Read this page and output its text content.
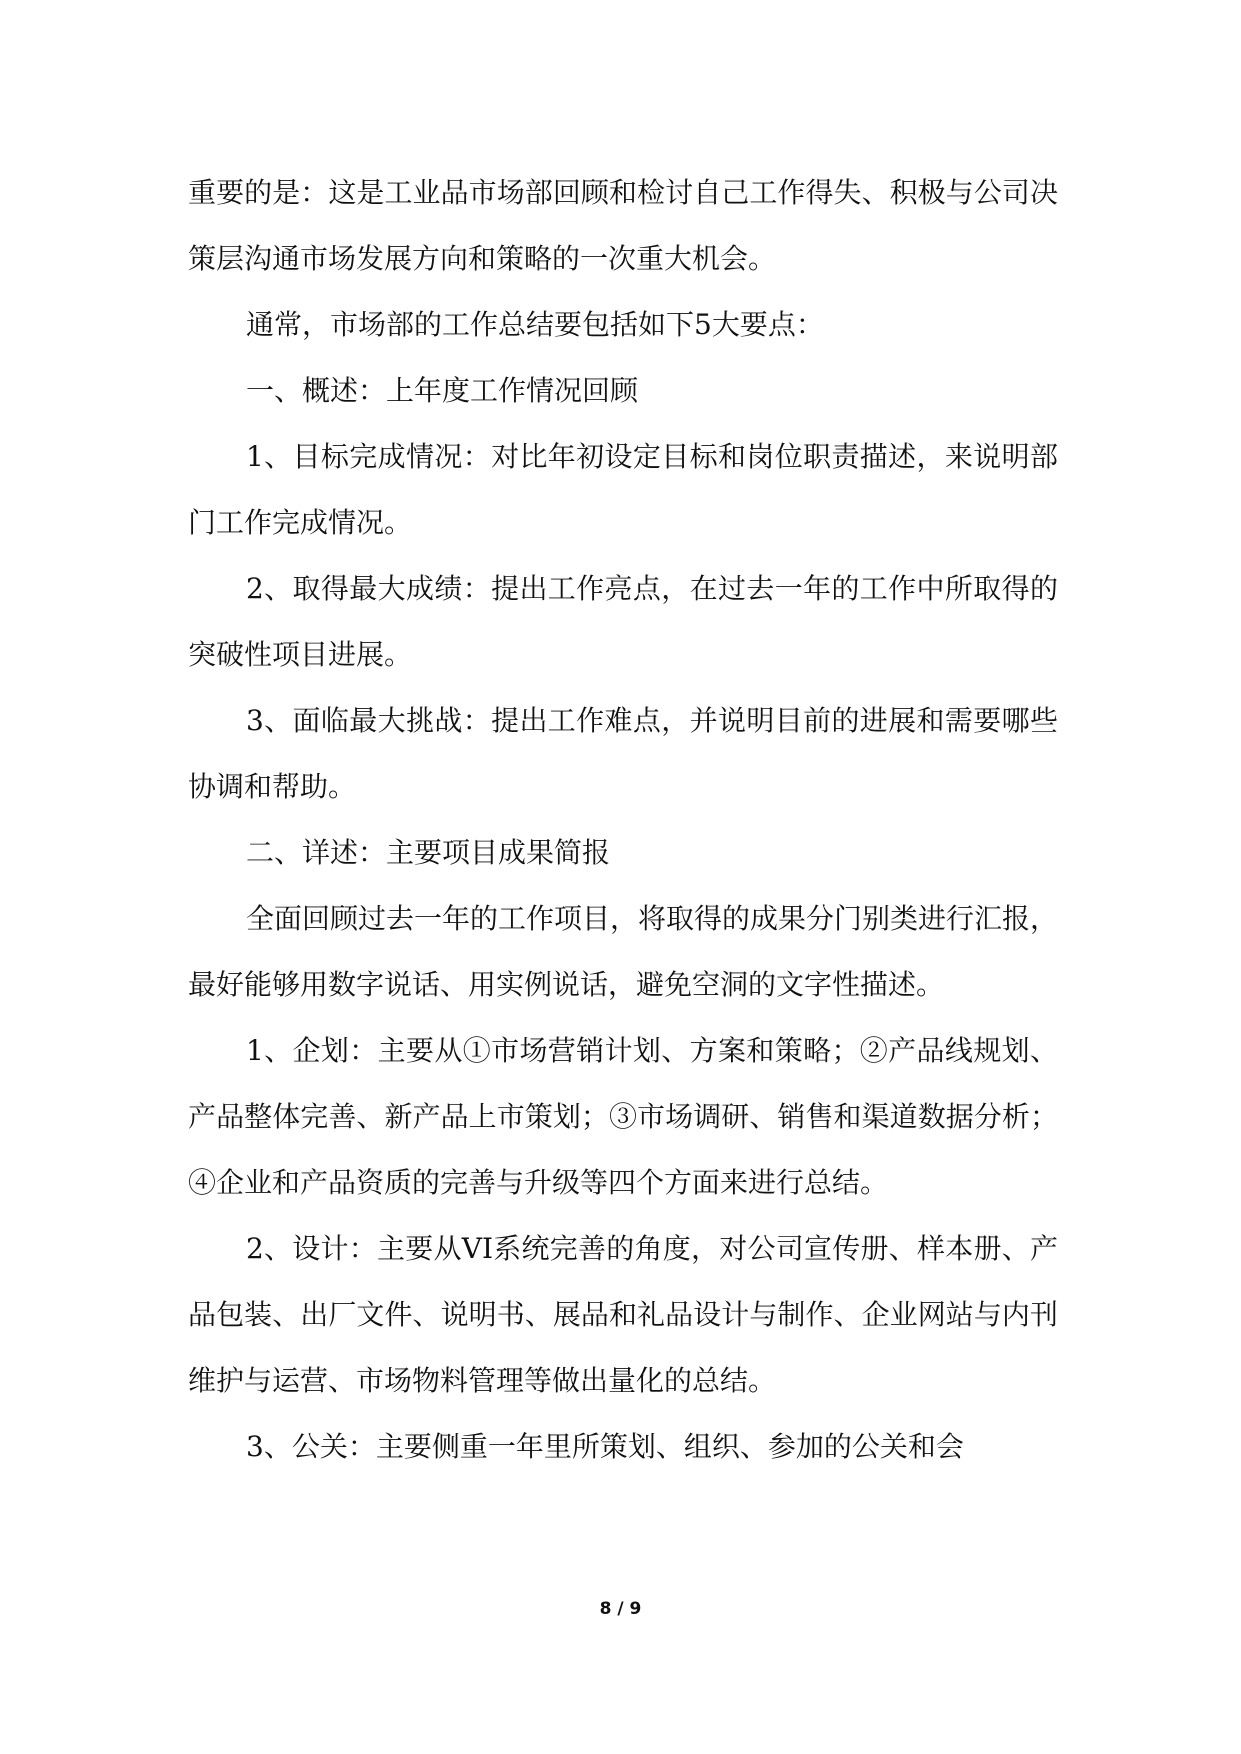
重要的是：这是工业品市场部回顾和检讨自己工作得失、积极与公司决策层沟通市场发展方向和策略的一次重大机会。

通常，市场部的工作总结要包括如下5大要点：

一、概述：上年度工作情况回顾

1、目标完成情况：对比年初设定目标和岗位职责描述，来说明部门工作完成情况。

2、取得最大成绩：提出工作亮点，在过去一年的工作中所取得的突破性项目进展。

3、面临最大挑战：提出工作难点，并说明目前的进展和需要哪些协调和帮助。

二、详述：主要项目成果简报

全面回顾过去一年的工作项目，将取得的成果分门别类进行汇报，最好能够用数字说话、用实例说话，避免空洞的文字性描述。

1、企划：主要从①市场营销计划、方案和策略；②产品线规划、产品整体完善、新产品上市策划；③市场调研、销售和渠道数据分析；④企业和产品资质的完善与升级等四个方面来进行总结。

2、设计：主要从VI系统完善的角度，对公司宣传册、样本册、产品包装、出厂文件、说明书、展品和礼品设计与制作、企业网站与内刊维护与运营、市场物料管理等做出量化的总结。

3、公关：主要侧重一年里所策划、组织、参加的公关和会

8 / 9
